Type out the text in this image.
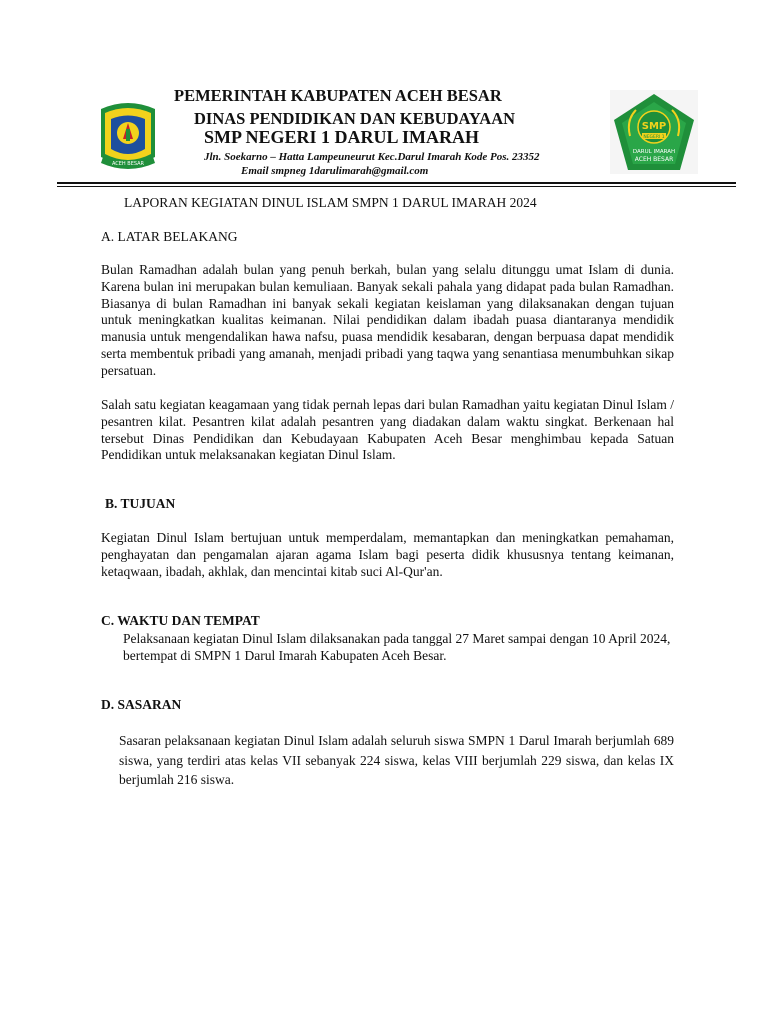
ACEH BESAR
SMP
NEGERI 1
DARUL IMARAH
ACEH BESAR
PEMERINTAH KABUPATEN ACEH BESAR
DINAS PENDIDIKAN DAN KEBUDAYAAN
SMP NEGERI 1 DARUL IMARAH
Jln. Soekarno – Hatta Lampeuneurut Kec.Darul Imarah Kode Pos. 23352
Email smpneg 1darulimarah@gmail.com
LAPORAN KEGIATAN DINUL ISLAM SMPN 1 DARUL IMARAH 2024
A. LATAR BELAKANG

Bulan Ramadhan adalah bulan yang penuh berkah, bulan yang selalu ditunggu umat Islam di dunia. Karena bulan ini merupakan bulan kemuliaan. Banyak sekali pahala yang didapat pada bulan Ramadhan. Biasanya di bulan Ramadhan ini banyak sekali kegiatan keislaman yang dilaksanakan dengan tujuan untuk meningkatkan kualitas keimanan. Nilai pendidikan dalam ibadah puasa diantaranya mendidik manusia untuk mengendalikan hawa nafsu, puasa mendidik kesabaran, dengan berpuasa dapat mendidik serta membentuk pribadi yang amanah, menjadi pribadi yang taqwa yang senantiasa menumbuhkan sikap persatuan.

Salah satu kegiatan keagamaan yang tidak pernah lepas dari bulan Ramadhan yaitu kegiatan Dinul Islam / pesantren kilat. Pesantren kilat adalah pesantren yang diadakan dalam waktu singkat. Berkenaan hal tersebut Dinas Pendidikan dan Kebudayaan Kabupaten Aceh Besar menghimbau kepada Satuan Pendidikan untuk melaksanakan kegiatan Dinul Islam.

B. TUJUAN

Kegiatan Dinul Islam bertujuan untuk memperdalam, memantapkan dan meningkatkan pemahaman, penghayatan dan pengamalan ajaran agama Islam bagi peserta didik khususnya tentang keimanan, ketaqwaan, ibadah, akhlak, dan mencintai kitab suci Al-Qur'an.

C. WAKTU DAN TEMPAT

Pelaksanaan kegiatan Dinul Islam dilaksanakan pada tanggal 27 Maret sampai dengan 10 April 2024, bertempat di SMPN 1 Darul Imarah Kabupaten Aceh Besar.

D. SASARAN

Sasaran pelaksanaan kegiatan Dinul Islam adalah seluruh siswa SMPN 1 Darul Imarah berjumlah 689 siswa, yang terdiri atas kelas VII sebanyak 224 siswa, kelas VIII berjumlah 229 siswa, dan kelas IX berjumlah 216 siswa.
